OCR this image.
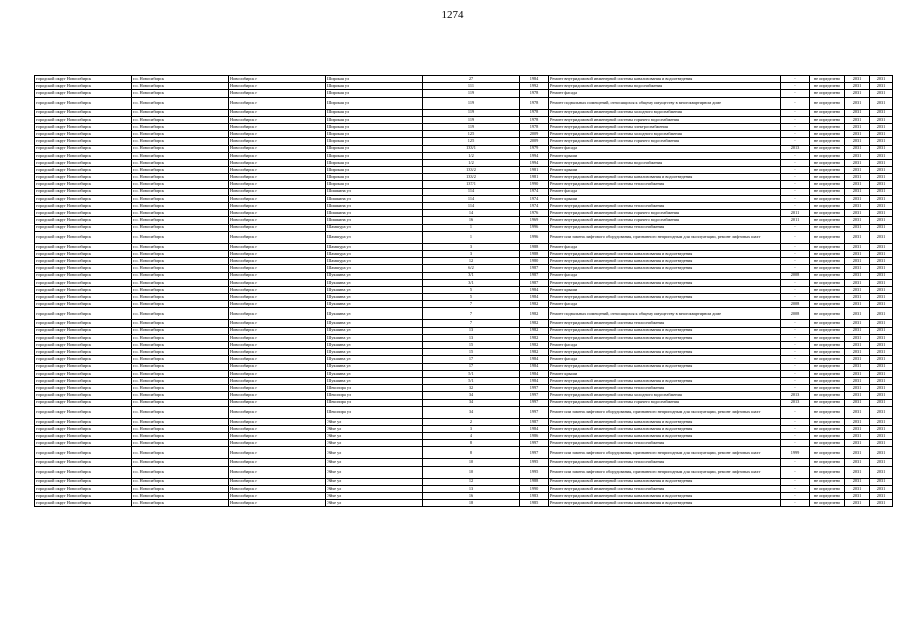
1274
городской округ Новосибирск	г.о. Новосибирск	Новосибирск г	Широкая ул	27	1984	Ремонт внутридомовой инженерной системы канализования и водоотведения	-	не определено	2031	2031
городской округ Новосибирск	г.о. Новосибирск	Новосибирск г	Широкая ул	111	1992	Ремонт внутридомовой инженерной системы водоснабжения	-	не определено	2031	2031
городской округ Новосибирск	г.о. Новосибирск	Новосибирск г	Широкая ул	119	1978	Ремонт фасада	-	не определено	2031	2031
городской округ Новосибирск	г.о. Новосибирск	Новосибирск г	Широкая ул	119	1978	Ремонт подвальных помещений, относящихся к общему имуществу в многоквартирном доме	-	не определено	2031	2031
городской округ Новосибирск	г.о. Новосибирск	Новосибирск г	Широкая ул	119	1978	Ремонт внутридомовой инженерной системы холодного водоснабжения	-	не определено	2031	2031
городской округ Новосибирск	г.о. Новосибирск	Новосибирск г	Широкая ул	119	1978	Ремонт внутридомовой инженерной системы горячего водоснабжения	-	не определено	2031	2031
городской округ Новосибирск	г.о. Новосибирск	Новосибирск г	Широкая ул	119	1978	Ремонт внутридомовой инженерной системы электроснабжения	-	не определено	2031	2031
городской округ Новосибирск	г.о. Новосибирск	Новосибирск г	Широкая ул	125	2009	Ремонт внутридомовой инженерной системы холодного водоснабжения	-	не определено	2031	2031
городской округ Новосибирск	г.о. Новосибирск	Новосибирск г	Широкая ул	125	2009	Ремонт внутридомовой инженерной системы горячего водоснабжения	-	не определено	2031	2031
городской округ Новосибирск	г.о. Новосибирск	Новосибирск г	Широкая ул	133/1	1979	Ремонт фасада	2013	не определено	2031	2031
городской округ Новосибирск	г.о. Новосибирск	Новосибирск г	Широкая ул	1/2	1994	Ремонт крыши	-	не определено	2031	2031
городской округ Новосибирск	г.о. Новосибирск	Новосибирск г	Широкая ул	1/2	1994	Ремонт внутридомовой инженерной системы водоснабжения	-	не определено	2031	2031
городской округ Новосибирск	г.о. Новосибирск	Новосибирск г	Широкая ул	133/2	1981	Ремонт крыши	-	не определено	2031	2031
городской округ Новосибирск	г.о. Новосибирск	Новосибирск г	Широкая ул	133/2	1981	Ремонт внутридомовой инженерной системы канализования и водоотведения	-	не определено	2031	2031
городской округ Новосибирск	г.о. Новосибирск	Новосибирск г	Широкая ул	137/1	1990	Ремонт внутридомовой инженерной системы теплоснабжения	-	не определено	2031	2031
городской округ Новосибирск	г.о. Новосибирск	Новосибирск г	Шишкина ул	114	1974	Ремонт фасада	-	не определено	2031	2031
городской округ Новосибирск	г.о. Новосибирск	Новосибирск г	Шишкина ул	114	1974	Ремонт крыши	-	не определено	2031	2031
городской округ Новосибирск	г.о. Новосибирск	Новосибирск г	Шишкина ул	114	1974	Ремонт внутридомовой инженерной системы теплоснабжения	-	не определено	2031	2031
городской округ Новосибирск	г.о. Новосибирск	Новосибирск г	Шишкина ул	14	1976	Ремонт внутридомовой инженерной системы горячего водоснабжения	2011	не определено	2031	2031
городской округ Новосибирск	г.о. Новосибирск	Новосибирск г	Шишкина ул	16	1969	Ремонт внутридомовой инженерной системы горячего водоснабжения	2011	не определено	2031	2031
городской округ Новосибирск	г.о. Новосибирск	Новосибирск г	Шамшура ул	1	1996	Ремонт внутридомовой инженерной системы теплоснабжения	-	не определено	2031	2031
городской округ Новосибирск	г.о. Новосибирск	Новосибирск г	Шамшура ул	1	1996	Ремонт или замена лифтового оборудования, признанного непригодным для эксплуатации, ремонт лифтовых шахт	-	не определено	2031	2031
городской округ Новосибирск	г.о. Новосибирск	Новосибирск г	Шамшура ул	3	1988	Ремонт фасада	-	не определено	2031	2031
городской округ Новосибирск	г.о. Новосибирск	Новосибирск г	Шамшура ул	3	1988	Ремонт внутридомовой инженерной системы канализования и водоотведения	-	не определено	2031	2031
городской округ Новосибирск	г.о. Новосибирск	Новосибирск г	Шамшура ул	12	1980	Ремонт внутридомовой инженерной системы канализования и водоотведения	-	не определено	2031	2031
городской округ Новосибирск	г.о. Новосибирск	Новосибирск г	Шамшура ул	6/2	1987	Ремонт внутридомовой инженерной системы канализования и водоотведения	-	не определено	2031	2031
городской округ Новосибирск	г.о. Новосибирск	Новосибирск г	Шукшина ул	3/1	1987	Ремонт фасада	2008	не определено	2031	2031
городской округ Новосибирск	г.о. Новосибирск	Новосибирск г	Шукшина ул	3/1	1987	Ремонт внутридомовой инженерной системы канализования и водоотведения	-	не определено	2031	2031
городской округ Новосибирск	г.о. Новосибирск	Новосибирск г	Шукшина ул	5	1984	Ремонт крыши	-	не определено	2031	2031
городской округ Новосибирск	г.о. Новосибирск	Новосибирск г	Шукшина ул	5	1984	Ремонт внутридомовой инженерной системы канализования и водоотведения	-	не определено	2031	2031
городской округ Новосибирск	г.о. Новосибирск	Новосибирск г	Шукшина ул	7	1982	Ремонт фасада	2008	не определено	2031	2031
городской округ Новосибирск	г.о. Новосибирск	Новосибирск г	Шукшина ул	7	1982	Ремонт подвальных помещений, относящихся к общему имуществу в многоквартирном доме	2008	не определено	2031	2031
городской округ Новосибирск	г.о. Новосибирск	Новосибирск г	Шукшина ул	7	1982	Ремонт внутридомовой инженерной системы теплоснабжения	-	не определено	2031	2031
городской округ Новосибирск	г.о. Новосибирск	Новосибирск г	Шукшина ул	13	1982	Ремонт внутридомовой инженерной системы канализования и водоотведения	-	не определено	2031	2031
городской округ Новосибирск	г.о. Новосибирск	Новосибирск г	Шукшина ул	13	1982	Ремонт внутридомовой инженерной системы канализования и водоотведения	-	не определено	2031	2031
городской округ Новосибирск	г.о. Новосибирск	Новосибирск г	Шукшина ул	15	1982	Ремонт фасада	-	не определено	2031	2031
городской округ Новосибирск	г.о. Новосибирск	Новосибирск г	Шукшина ул	15	1982	Ремонт внутридомовой инженерной системы канализования и водоотведения	-	не определено	2031	2031
городской округ Новосибирск	г.о. Новосибирск	Новосибирск г	Шукшина ул	17	1984	Ремонт фасада	-	не определено	2031	2031
городской округ Новосибирск	г.о. Новосибирск	Новосибирск г	Шукшина ул	17	1984	Ремонт внутридомовой инженерной системы канализования и водоотведения	-	не определено	2031	2031
городской округ Новосибирск	г.о. Новосибирск	Новосибирск г	Шукшина ул	5/1	1984	Ремонт крыши	-	не определено	2031	2031
городской округ Новосибирск	г.о. Новосибирск	Новосибирск г	Шукшина ул	5/1	1984	Ремонт внутридомовой инженерной системы канализования и водоотведения	-	не определено	2031	2031
городской округ Новосибирск	г.о. Новосибирск	Новосибирск г	Шекспира ул	32	1997	Ремонт внутридомовой инженерной системы теплоснабжения	-	не определено	2031	2031
городской округ Новосибирск	г.о. Новосибирск	Новосибирск г	Шекспира ул	34	1997	Ремонт внутридомовой инженерной системы холодного водоснабжения	2013	не определено	2031	2031
городской округ Новосибирск	г.о. Новосибирск	Новосибирск г	Шекспира ул	34	1997	Ремонт внутридомовой инженерной системы горячего водоснабжения	2013	не определено	2031	2031
городской округ Новосибирск	г.о. Новосибирск	Новосибирск г	Шекспира ул	34	1997	Ремонт или замена лифтового оборудования, признанного непригодным для эксплуатации, ремонт лифтовых шахт	-	не определено	2031	2031
городской округ Новосибирск	г.о. Новосибирск	Новосибирск г	Эйхе ул	2	1987	Ремонт внутридомовой инженерной системы канализования и водоотведения	-	не определено	2031	2031
городской округ Новосибирск	г.о. Новосибирск	Новосибирск г	Эйхе ул	3	1984	Ремонт внутридомовой инженерной системы канализования и водоотведения	-	не определено	2031	2031
городской округ Новосибирск	г.о. Новосибирск	Новосибирск г	Эйхе ул	4	1986	Ремонт внутридомовой инженерной системы канализования и водоотведения	-	не определено	2031	2031
городской округ Новосибирск	г.о. Новосибирск	Новосибирск г	Эйхе ул	8	1997	Ремонт внутридомовой инженерной системы теплоснабжения	-	не определено	2031	2031
городской округ Новосибирск	г.о. Новосибирск	Новосибирск г	Эйхе ул	8	1997	Ремонт или замена лифтового оборудования, признанного непригодным для эксплуатации, ремонт лифтовых шахт	1999	не определено	2031	2031
городской округ Новосибирск	г.о. Новосибирск	Новосибирск г	Эйхе ул	10	1995	Ремонт внутридомовой инженерной системы теплоснабжения	-	не определено	2031	2031
городской округ Новосибирск	г.о. Новосибирск	Новосибирск г	Эйхе ул	10	1995	Ремонт или замена лифтового оборудования, признанного непригодным для эксплуатации, ремонт лифтовых шахт	-	не определено	2031	2031
городской округ Новосибирск	г.о. Новосибирск	Новосибирск г	Эйхе ул	12	1988	Ремонт внутридомовой инженерной системы канализования и водоотведения	-	не определено	2031	2031
городской округ Новосибирск	г.о. Новосибирск	Новосибирск г	Эйхе ул	13	1990	Ремонт внутридомовой инженерной системы теплоснабжения	-	не определено	2031	2031
городской округ Новосибирск	г.о. Новосибирск	Новосибирск г	Эйхе ул	16	1983	Ремонт внутридомовой инженерной системы канализования и водоотведения	-	не определено	2031	2031
городской округ Новосибирск	г.о. Новосибирск	Новосибирск г	Эйхе ул	18	1985	Ремонт внутридомовой инженерной системы канализования и водоотведения	-	не определено	2031	2031
